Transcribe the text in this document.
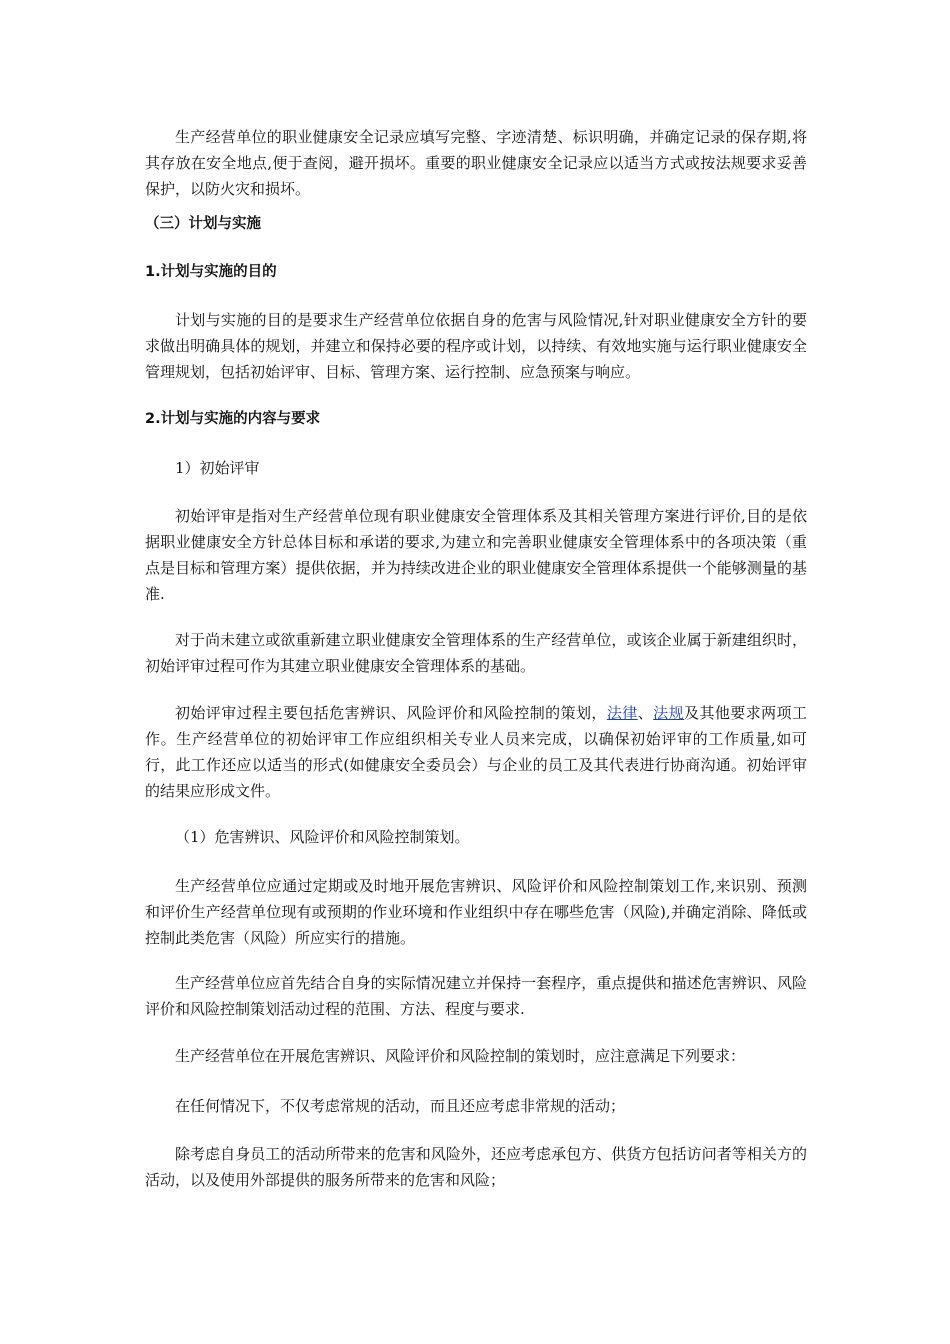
生产经营单位的职业健康安全记录应填写完整、字迹清楚、标识明确，并确定记录的保存期,将其存放在安全地点,便于查阅，避开损坏。重要的职业健康安全记录应以适当方式或按法规要求妥善保护，以防火灾和损坏。
（三）计划与实施
1.计划与实施的目的
计划与实施的目的是要求生产经营单位依据自身的危害与风险情况,针对职业健康安全方针的要求做出明确具体的规划，并建立和保持必要的程序或计划，以持续、有效地实施与运行职业健康安全管理规划，包括初始评审、目标、管理方案、运行控制、应急预案与响应。
2.计划与实施的内容与要求
1）初始评审
初始评审是指对生产经营单位现有职业健康安全管理体系及其相关管理方案进行评价,目的是依据职业健康安全方针总体目标和承诺的要求,为建立和完善职业健康安全管理体系中的各项决策（重点是目标和管理方案）提供依据，并为持续改进企业的职业健康安全管理体系提供一个能够测量的基准.
对于尚未建立或欲重新建立职业健康安全管理体系的生产经营单位，或该企业属于新建组织时，初始评审过程可作为其建立职业健康安全管理体系的基础。
初始评审过程主要包括危害辨识、风险评价和风险控制的策划，法律、法规及其他要求两项工作。生产经营单位的初始评审工作应组织相关专业人员来完成，以确保初始评审的工作质量,如可行，此工作还应以适当的形式(如健康安全委员会）与企业的员工及其代表进行协商沟通。初始评审的结果应形成文件。
（1）危害辨识、风险评价和风险控制策划。
生产经营单位应通过定期或及时地开展危害辨识、风险评价和风险控制策划工作,来识别、预测和评价生产经营单位现有或预期的作业环境和作业组织中存在哪些危害（风险),并确定消除、降低或控制此类危害（风险）所应实行的措施。
生产经营单位应首先结合自身的实际情况建立并保持一套程序，重点提供和描述危害辨识、风险评价和风险控制策划活动过程的范围、方法、程度与要求.
生产经营单位在开展危害辨识、风险评价和风险控制的策划时，应注意满足下列要求：
在任何情况下，不仅考虑常规的活动，而且还应考虑非常规的活动；
除考虑自身员工的活动所带来的危害和风险外，还应考虑承包方、供货方包括访问者等相关方的活动，以及使用外部提供的服务所带来的危害和风险；
